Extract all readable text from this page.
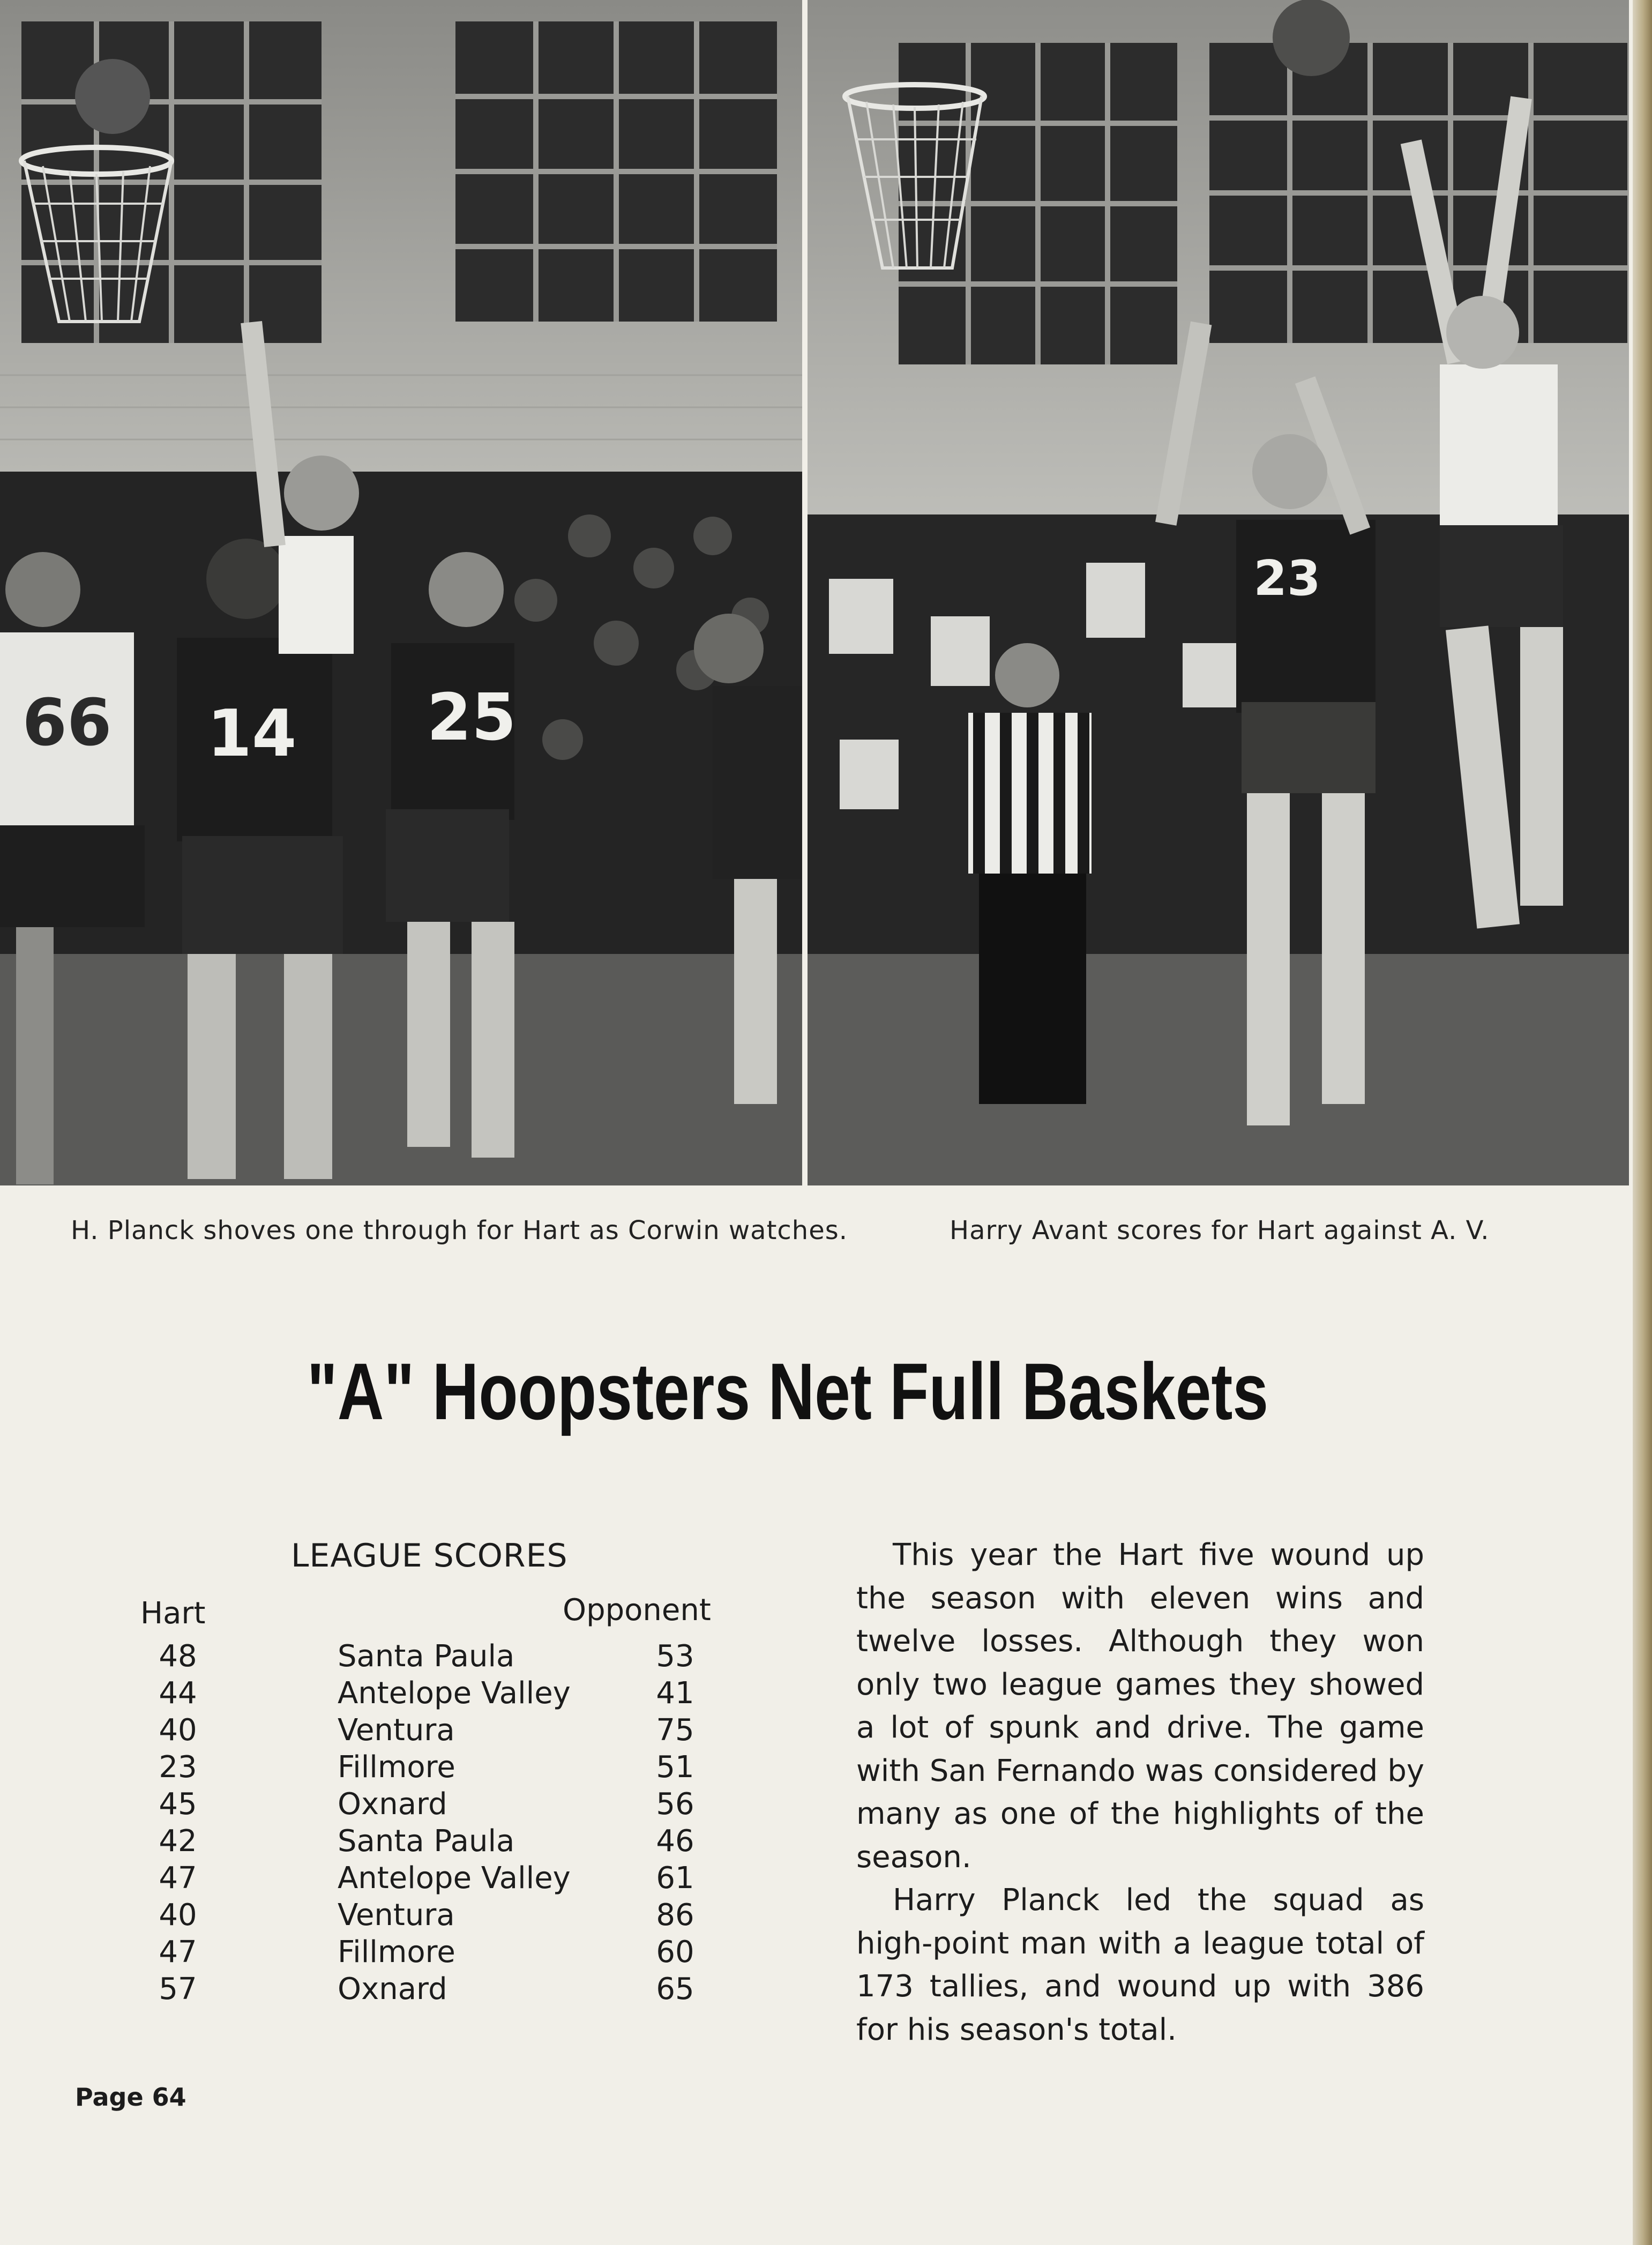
66 14 25
23
H. Planck shoves one through for Hart as Corwin watches.	Harry Avant scores for Hart against A. V.
"A" Hoopsters Net Full Baskets
LEAGUE SCORES
Hart	Opponent
48	Santa Paula	53
44	Antelope Valley	41
40	Ventura	75
23	Fillmore	51
45	Oxnard	56
42	Santa Paula	46
47	Antelope Valley	61
40	Ventura	86
47	Fillmore	60
57	Oxnard	65

This year the Hart five wound up the season with eleven wins and twelve losses. Although they won only two league games they showed a lot of spunk and drive. The game with San Fernando was considered by many as one of the highlights of the season.

Harry Planck led the squad as high-point man with a league total of 173 tallies, and wound up with 386 for his season's total.

Page 64
